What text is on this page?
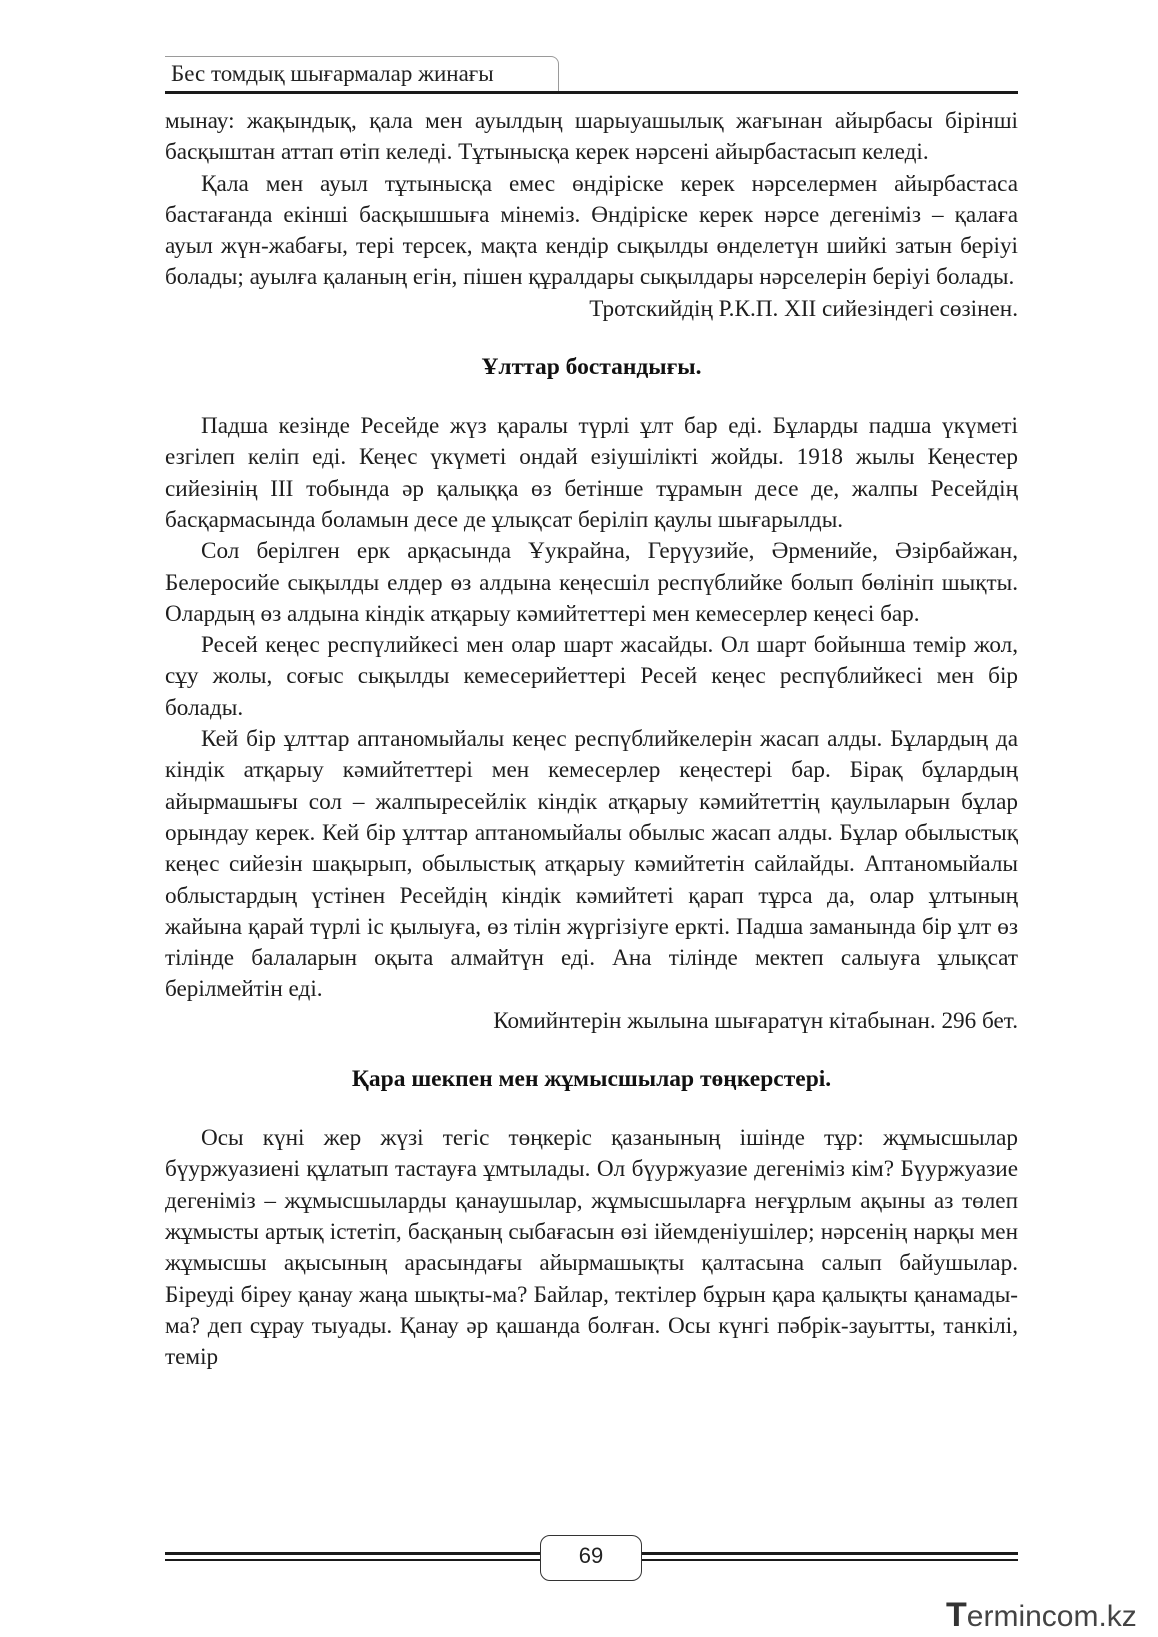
Бес томдық шығармалар жинағы

мынау: жақындық, қала мен ауылдың шарыуашылық жағынан айырбасы бірінші басқыштан аттап өтіп келеді. Тұтынысқа керек нәрсені айырбастасып келеді.

Қала мен ауыл тұтынысқа емес өндіріске керек нәрселермен айырбастаса бастағанда екінші басқышшыға мінеміз. Өндіріске керек нәрсе дегеніміз – қалаға ауыл жүн-жабағы, тері терсек, мақта кендір сықылды өнделетүн шийкі затын беріуі болады; ауылға қаланың егін, пішен құралдары сықылдары нәрселерін беріуі болады.

Тротскийдің Р.К.П. XII сийезіндегі сөзінен.
Ұлттар бостандығы.

Падша кезінде Ресейде жүз қаралы түрлі ұлт бар еді. Бұларды падша үкүметі езгілеп келіп еді. Кеңес үкүметі ондай езіушілікті жойды. 1918 жылы Кеңестер сийезінің III тобында әр қалыққа өз бетінше тұрамын десе де, жалпы Ресейдің басқармасында боламын десе де ұлықсат беріліп қаулы шығарылды.

Сол берілген ерк арқасында Ұукрайна, Герүузийе, Әрменийе, Әзірбайжан, Белеросийе сықылды елдер өз алдына кеңесшіл респүблийке болып бөлініп шықты. Олардың өз алдына кіндік атқарыу кәмийтеттері мен кемесерлер кеңесі бар.

Ресей кеңес респүлийкесі мен олар шарт жасайды. Ол шарт бойынша темір жол, сұу жолы, соғыс сықылды кемесерийеттері Ресей кеңес респүблийкесі мен бір болады.

Кей бір ұлттар аптаномыйалы кеңес респүблийкелерін жасап алды. Бұлардың да кіндік атқарыу кәмийтеттері мен кемесерлер кеңестері бар. Бірақ бұлардың айырмашығы сол – жалпыресейлік кіндік атқарыу кәмийтеттің қаулыларын бұлар орындау керек. Кей бір ұлттар аптаномыйалы обылыс жасап алды. Бұлар обылыстық кеңес сийезін шақырып, обылыстық атқарыу кәмийтетін сайлайды. Аптаномыйалы облыстардың үстінен Ресейдің кіндік кәмийтеті қарап тұрса да, олар ұлтының жайына қарай түрлі іс қылыуға, өз тілін жүргізіуге еркті. Падша заманында бір ұлт өз тілінде балаларын оқыта алмайтүн еді. Ана тілінде мектеп салыуға ұлықсат берілмейтін еді.

Комийнтерін жылына шығаратүн кітабынан. 296 бет.
Қара шекпен мен жұмысшылар төңкерстері.

Осы күні жер жүзі тегіс төңкеріс қазанының ішінде тұр: жұмысшылар бүуржуазиені құлатып тастауға ұмтылады. Ол бүуржуазие дегеніміз кім? Бүуржуазие дегеніміз – жұмысшыларды қанаушылар, жұмысшыларға неғұрлым ақыны аз төлеп жұмысты артық істетіп, басқаның сыбағасын өзі ійемденіушілер; нәрсенің нарқы мен жұмысшы ақысының арасындағы айырмашықты қалтасына салып байушылар. Біреуді біреу қанау жаңа шықты-ма? Байлар, тектілер бұрын қара қалықты қанамады-ма? деп сұрау тыуады. Қанау әр қашанда болған. Осы күнгі пәбрік-зауытты, танкілі, темір

69
Termincom.kz
